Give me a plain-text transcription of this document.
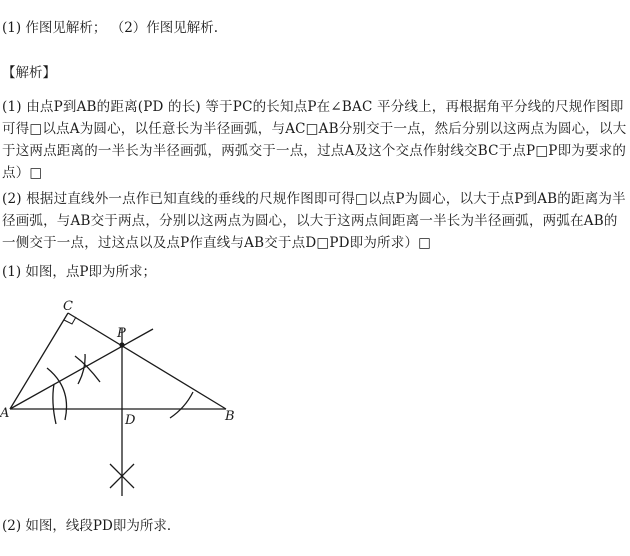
(1) 作图见解析； （2）作图见解析.
【解析】
(1) 由点P到AB的距离(PD 的长) 等于PC的长知点P在∠BAC 平分线上，再根据角平分线的尺规作图即可得□以点A为圆心，以任意长为半径画弧，与AC□AB分别交于一点，然后分别以这两点为圆心，以大于这两点距离的一半长为半径画弧，两弧交于一点，过点A及这个交点作射线交BC于点P□P即为要求的点）□
(2) 根据过直线外一点作已知直线的垂线的尺规作图即可得□以点P为圆心，以大于点P到AB的距离为半径画弧，与AB交于两点，分别以这两点为圆心，以大于这两点间距离一半长为半径画弧，两弧在AB的一侧交于一点，过这点以及点P作直线与AB交于点D□PD即为所求）□
(1) 如图，点P即为所求；
A	B
C
P
D
(2) 如图，线段PD即为所求．
